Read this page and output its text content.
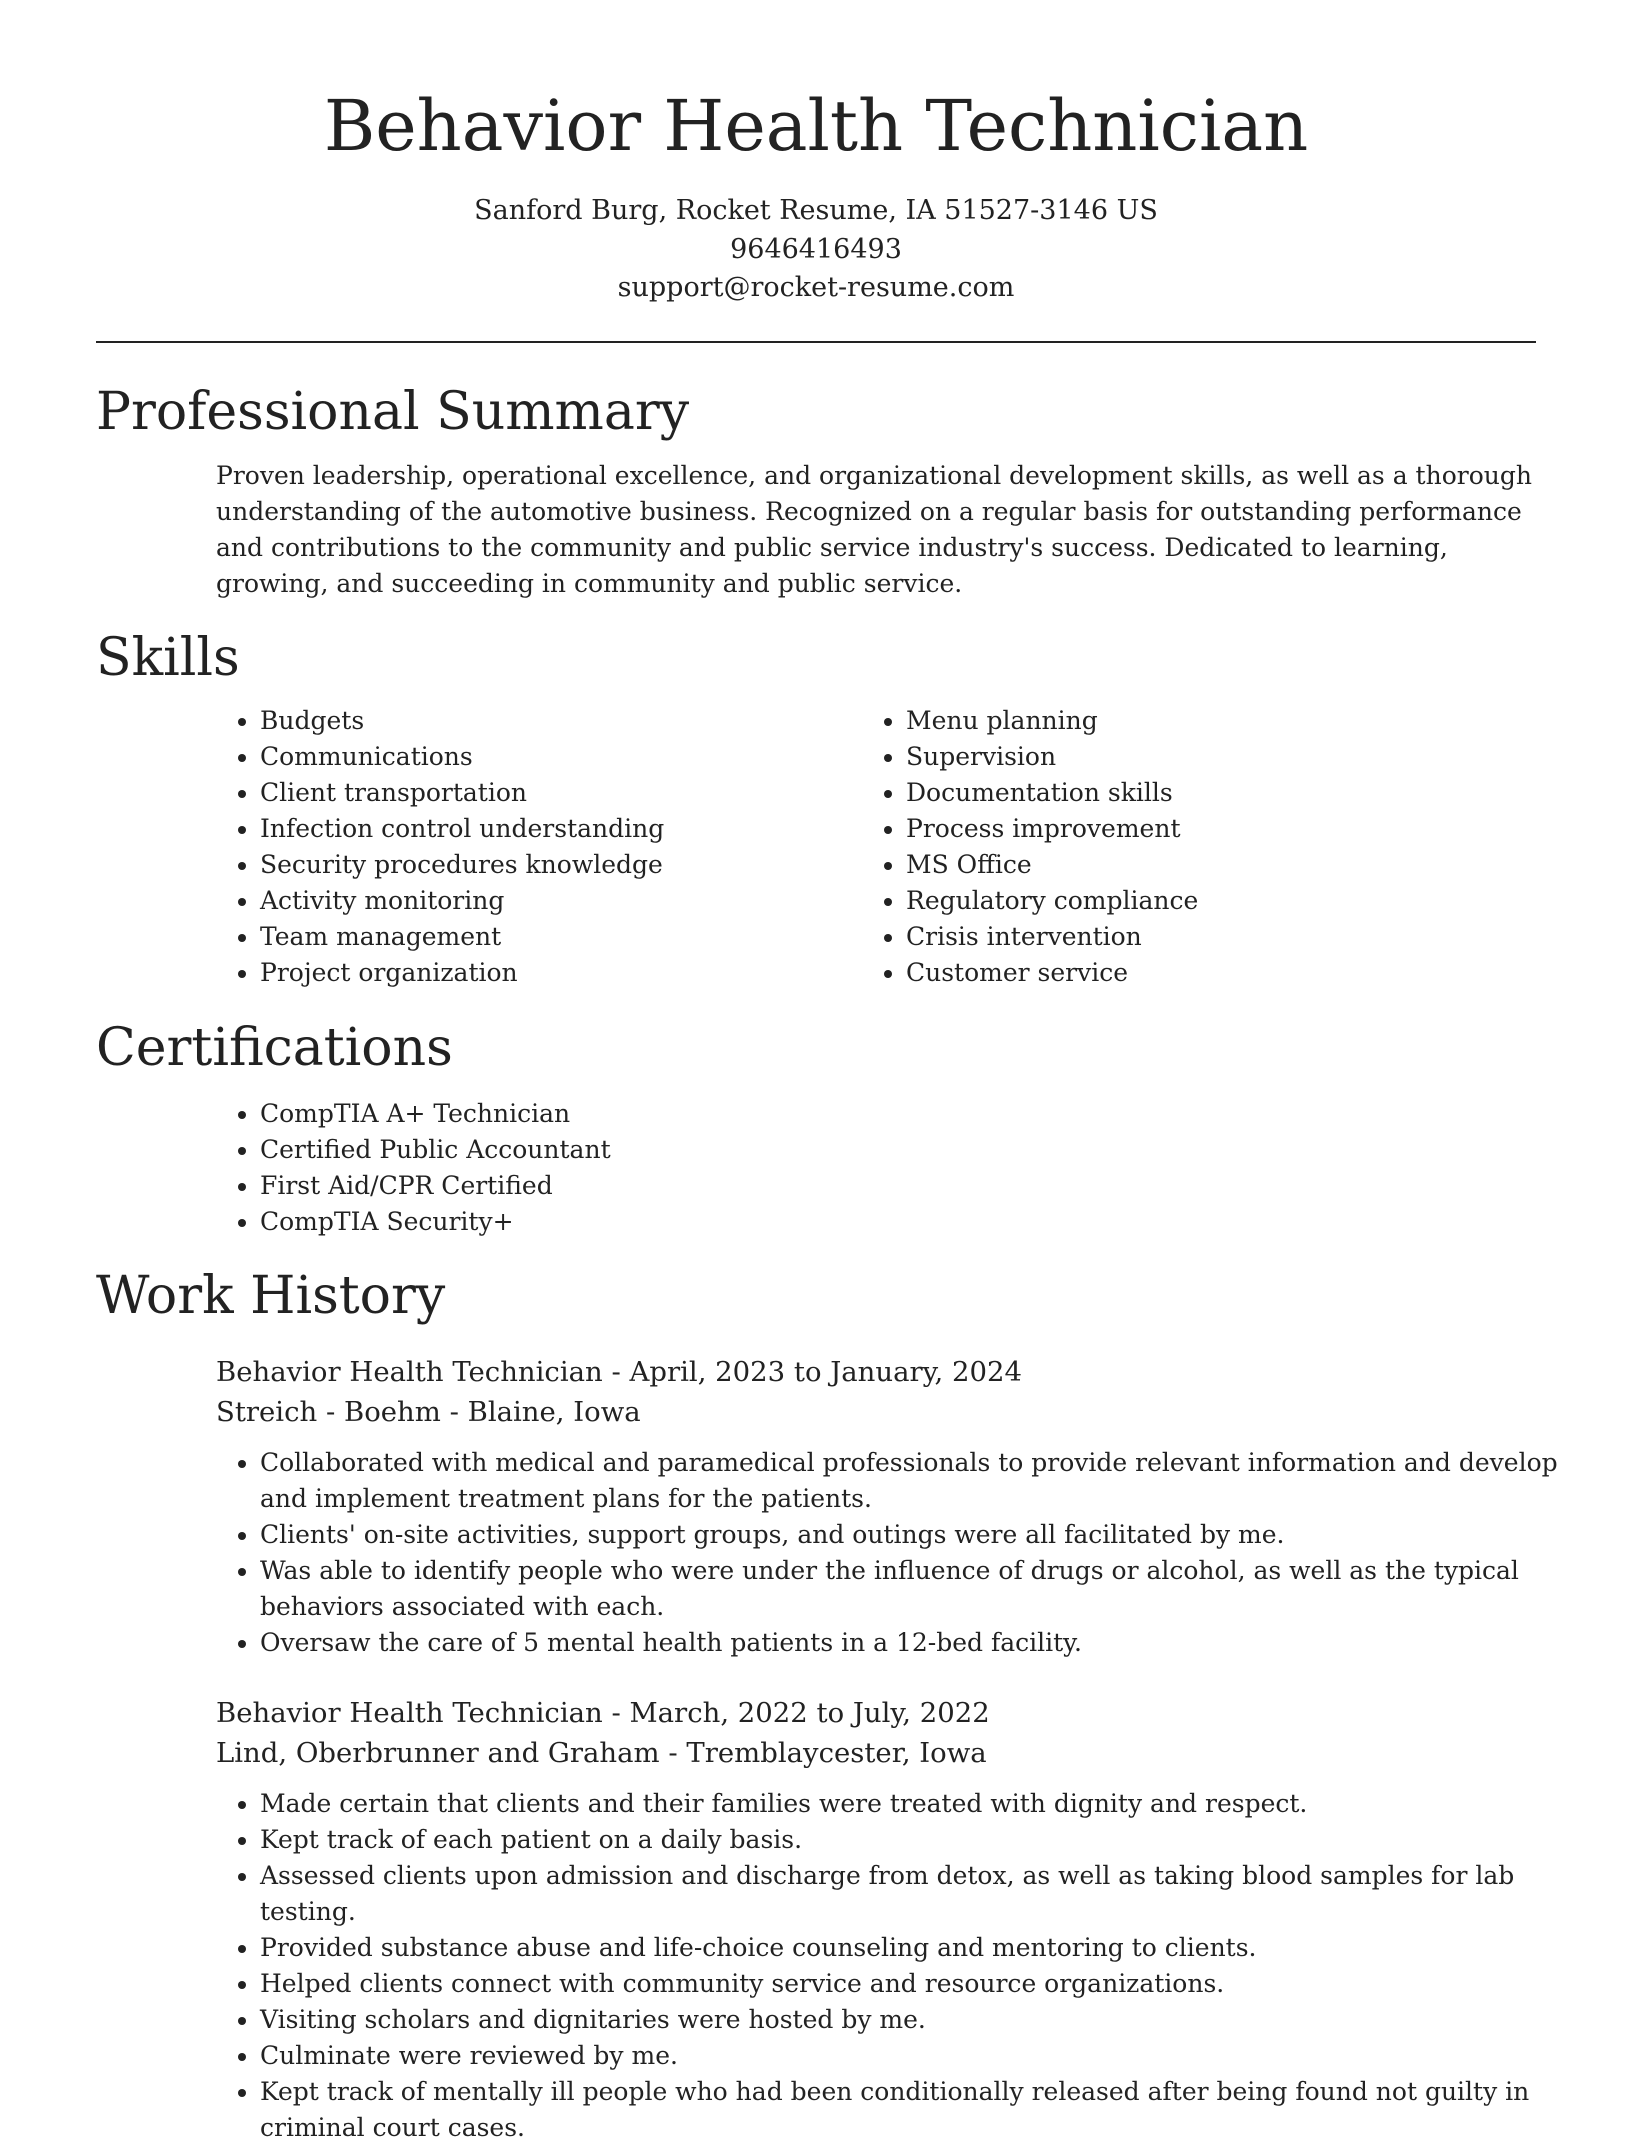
Behavior Health Technician
Sanford Burg, Rocket Resume, IA 51527-3146 US
9646416493
support@rocket-resume.com
Professional Summary

Proven leadership, operational excellence, and organizational development skills, as well as a thorough understanding of the automotive business. Recognized on a regular basis for outstanding performance and contributions to the community and public service industry's success. Dedicated to learning, growing, and succeeding in community and public service.

Skills
• Budgets
• Communications
• Client transportation
• Infection control understanding
• Security procedures knowledge
• Activity monitoring
• Team management
• Project organization
• Menu planning
• Supervision
• Documentation skills
• Process improvement
• MS Office
• Regulatory compliance
• Crisis intervention
• Customer service
Certifications
• CompTIA A+ Technician
• Certified Public Accountant
• First Aid/CPR Certified
• CompTIA Security+
Work History
Behavior Health Technician - April, 2023 to January, 2024
Streich - Boehm - Blaine, Iowa
• Collaborated with medical and paramedical professionals to provide relevant information and develop and implement treatment plans for the patients.
• Clients' on-site activities, support groups, and outings were all facilitated by me.
• Was able to identify people who were under the influence of drugs or alcohol, as well as the typical behaviors associated with each.
• Oversaw the care of 5 mental health patients in a 12-bed facility.
Behavior Health Technician - March, 2022 to July, 2022
Lind, Oberbrunner and Graham - Tremblaycester, Iowa
• Made certain that clients and their families were treated with dignity and respect.
• Kept track of each patient on a daily basis.
• Assessed clients upon admission and discharge from detox, as well as taking blood samples for lab testing.
• Provided substance abuse and life-choice counseling and mentoring to clients.
• Helped clients connect with community service and resource organizations.
• Visiting scholars and dignitaries were hosted by me.
• Culminate were reviewed by me.
• Kept track of mentally ill people who had been conditionally released after being found not guilty in criminal court cases.
